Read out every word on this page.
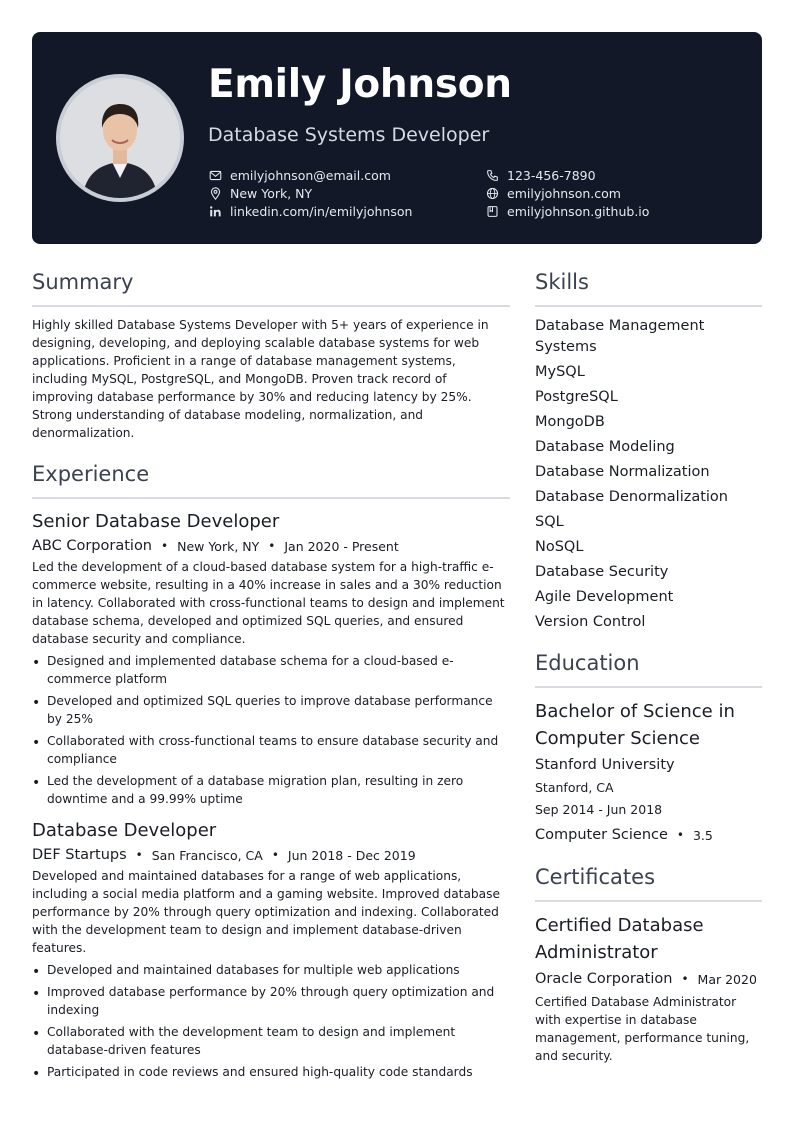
Emily Johnson
Database Systems Developer
emilyjohnson@email.com
New York, NY
linkedin.com/in/emilyjohnson
123-456-7890
emilyjohnson.com
emilyjohnson.github.io
Summary
Highly skilled Database Systems Developer with 5+ years of experience in designing, developing, and deploying scalable database systems for web applications. Proficient in a range of database management systems, including MySQL, PostgreSQL, and MongoDB. Proven track record of improving database performance by 30% and reducing latency by 25%. Strong understanding of database modeling, normalization, and denormalization.
Experience
Senior Database Developer
ABC Corporation • New York, NY • Jan 2020 - Present
Led the development of a cloud-based database system for a high-traffic e-commerce website, resulting in a 40% increase in sales and a 30% reduction in latency. Collaborated with cross-functional teams to design and implement database schema, developed and optimized SQL queries, and ensured database security and compliance.
• Designed and implemented database schema for a cloud-based e-commerce platform
• Developed and optimized SQL queries to improve database performance by 25%
• Collaborated with cross-functional teams to ensure database security and compliance
• Led the development of a database migration plan, resulting in zero downtime and a 99.99% uptime
Database Developer
DEF Startups • San Francisco, CA • Jun 2018 - Dec 2019
Developed and maintained databases for a range of web applications, including a social media platform and a gaming website. Improved database performance by 20% through query optimization and indexing. Collaborated with the development team to design and implement database-driven features.
• Developed and maintained databases for multiple web applications
• Improved database performance by 20% through query optimization and indexing
• Collaborated with the development team to design and implement database-driven features
• Participated in code reviews and ensured high-quality code standards
Skills
Database Management Systems
MySQL
PostgreSQL
MongoDB
Database Modeling
Database Normalization
Database Denormalization
SQL
NoSQL
Database Security
Agile Development
Version Control
Education
Bachelor of Science in Computer Science
Stanford University
Stanford, CA
Sep 2014 - Jun 2018
Computer Science • 3.5
Certificates
Certified Database Administrator
Oracle Corporation • Mar 2020
Certified Database Administrator with expertise in database management, performance tuning, and security.
